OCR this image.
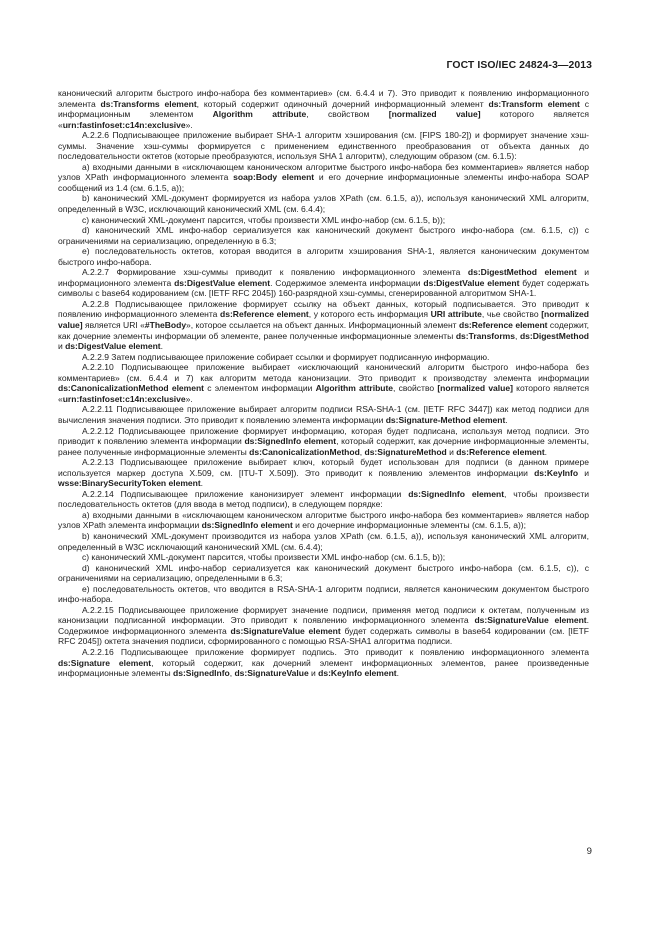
ГОСТ ISO/IEC 24824-3—2013

канонический алгоритм быстрого инфо-набора без комментариев» (см. 6.4.4 и 7). Это приводит к появлению информационного элемента ds:Transforms element, который содержит одиночный дочерний информационный элемент ds:Transform element с информационным элементом Algorithm attribute, свойством [normalized value] которого является «urn:fastinfoset:c14n:exclusive».

A.2.2.6 Подписывающее приложение выбирает SHA-1 алгоритм хэширования (см. [FIPS 180-2]) и формирует значение хэш-суммы. Значение хэш-суммы формируется с применением единственного преобразования от объекта данных до последовательности октетов (которые преобразуются, используя SHA 1 алгоритм), следующим образом (см. 6.1.5):

a) входными данными в «исключающем каноническом алгоритме быстрого инфо-набора без комментариев» является набор узлов XPath информационного элемента soap:Body element и его дочерние информационные элементы инфо-набора SOAP сообщений из 1.4 (см. 6.1.5, a));

b) канонический XML-документ формируется из набора узлов XPath (см. 6.1.5, a)), используя канонический XML алгоритм, определенный в W3C, исключающий канонический XML (см. 6.4.4);

c) канонический XML-документ парсится, чтобы произвести XML инфо-набор (см. 6.1.5, b));

d) канонический XML инфо-набор сериализуется как канонический документ быстрого инфо-набора (см. 6.1.5, c)) с ограничениями на сериализацию, определенную в 6.3;

e) последовательность октетов, которая вводится в алгоритм хэширования SHA-1, является каноническим документом быстрого инфо-набора.

A.2.2.7 Формирование хэш-суммы приводит к появлению информационного элемента ds:DigestMethod element и информационного элемента ds:DigestValue element. Содержимое элемента информации ds:DigestValue element будет содержать символы с base64 кодированием (см. [IETF RFC 2045]) 160-разрядной хэш-суммы, сгенерированной алгоритмом SHA-1.

A.2.2.8 Подписывающее приложение формирует ссылку на объект данных, который подписывается. Это приводит к появлению информационного элемента ds:Reference element, у которого есть информация URI attribute, чье свойство [normalized value] является URI «#TheBody», которое ссылается на объект данных. Информационный элемент ds:Reference element содержит, как дочерние элементы информации об элементе, ранее полученные информационные элементы ds:Transforms, ds:DigestMethod и ds:DigestValue element.

A.2.2.9 Затем подписывающее приложение собирает ссылки и формирует подписанную информацию.

A.2.2.10 Подписывающее приложение выбирает «исключающий канонический алгоритм быстрого инфо-набора без комментариев» (см. 6.4.4 и 7) как алгоритм метода канонизации. Это приводит к производству элемента информации ds:CanonicalizationMethod element с элементом информации Algorithm attribute, свойство [normalized value] которого является «urn:fastinfoset:c14n:exclusive».

A.2.2.11 Подписывающее приложение выбирает алгоритм подписи RSA-SHA-1 (см. [IETF RFC 3447]) как метод подписи для вычисления значения подписи. Это приводит к появлению элемента информации ds:Signature-Method element.

A.2.2.12 Подписывающее приложение формирует информацию, которая будет подписана, используя метод подписи. Это приводит к появлению элемента информации ds:SignedInfo element, который содержит, как дочерние информационные элементы, ранее полученные информационные элементы ds:CanonicalizationMethod, ds:SignatureMethod и ds:Reference element.

A.2.2.13 Подписывающее приложение выбирает ключ, который будет использован для подписи (в данном примере используется маркер доступа X.509, см. [ITU-T X.509]). Это приводит к появлению элементов информации ds:KeyInfo и wsse:BinarySecurityToken element.

A.2.2.14 Подписывающее приложение канонизирует элемент информации ds:SignedInfo element, чтобы произвести последовательность октетов (для ввода в метод подписи), в следующем порядке:

a) входными данными в «исключающем каноническом алгоритме быстрого инфо-набора без комментариев» является набор узлов XPath элемента информации ds:SignedInfo element и его дочерние информационные элементы (см. 6.1.5, a));

b) канонический XML-документ производится из набора узлов XPath (см. 6.1.5, a)), используя канонический XML алгоритм, определенный в W3C исключающий канонический XML (см. 6.4.4);

c) канонический XML-документ парсится, чтобы произвести XML инфо-набор (см. 6.1.5, b));

d) канонический XML инфо-набор сериализуется как канонический документ быстрого инфо-набора (см. 6.1.5, c)), с ограничениями на сериализацию, определенными в 6.3;

e) последовательность октетов, что вводится в RSA-SHA-1 алгоритм подписи, является каноническим документом быстрого инфо-набора.

A.2.2.15 Подписывающее приложение формирует значение подписи, применяя метод подписи к октетам, полученным из канонизации подписанной информации. Это приводит к появлению информационного элемента ds:SignatureValue element. Содержимое информационного элемента ds:SignatureValue element будет содержать символы в base64 кодировании (см. [IETF RFC 2045]) октета значения подписи, сформированного с помощью RSA-SHA1 алгоритма подписи.

A.2.2.16 Подписывающее приложение формирует подпись. Это приводит к появлению информационного элемента ds:Signature element, который содержит, как дочерний элемент информационных элементов, ранее произведенные информационные элементы ds:SignedInfo, ds:SignatureValue и ds:KeyInfo element.

9
